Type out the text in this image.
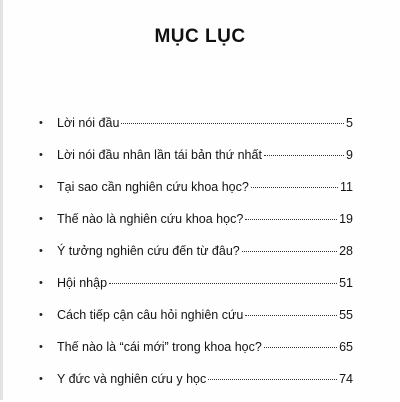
MỤC LỤC
• Lời nói đầu	5
• Lời nói đầu nhân lần tái bản thứ nhất	9
• Tại sao cần nghiên cứu khoa học?	11
• Thế nào là nghiên cứu khoa học?	19
• Ý tưởng nghiên cứu đến từ đâu?	28
• Hội nhập	51
• Cách tiếp cận câu hỏi nghiên cứu	55
• Thế nào là “cái mới” trong khoa học?	65
• Y đức và nghiên cứu y học	74
